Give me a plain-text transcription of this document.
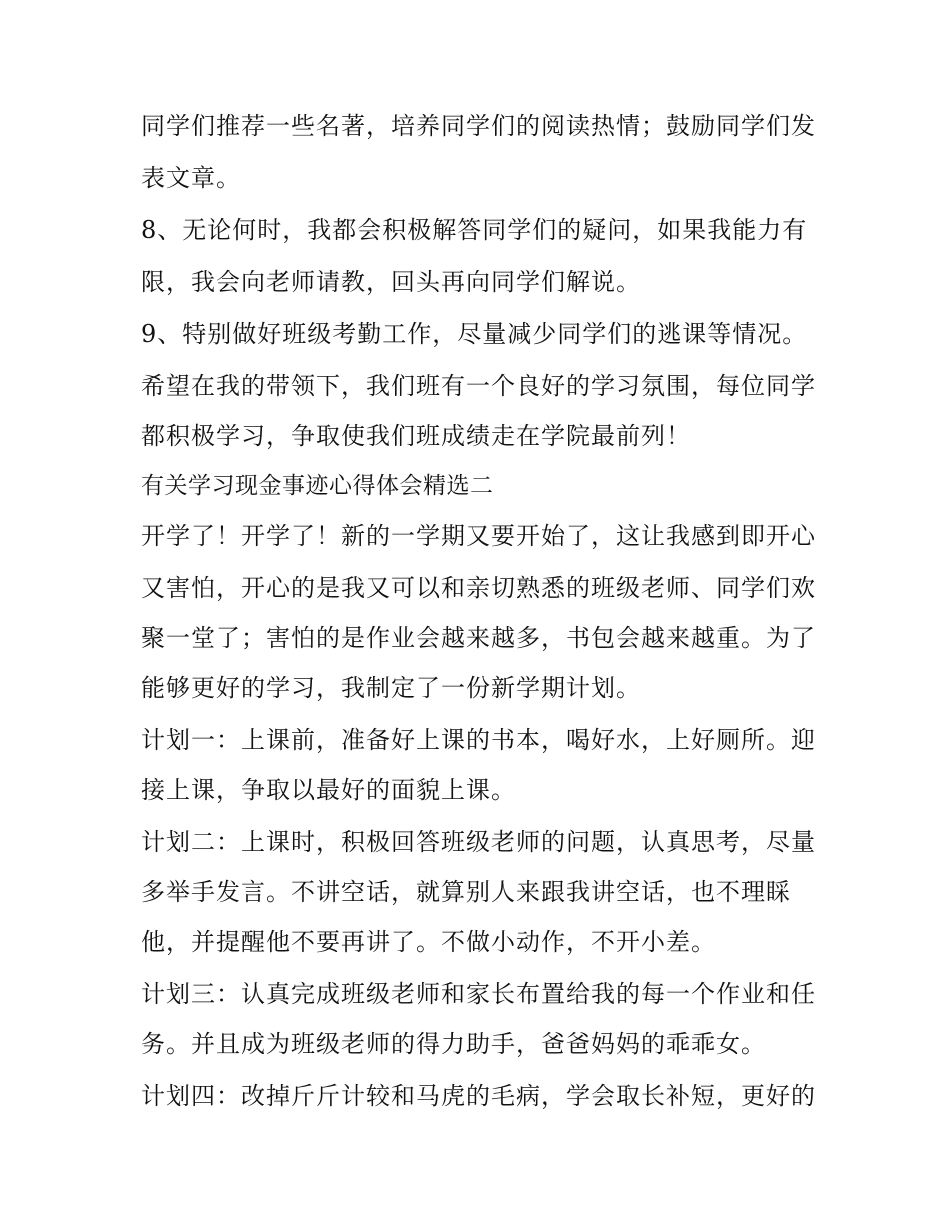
同学们推荐一些名著，培养同学们的阅读热情；鼓励同学们发
表文章。
8、无论何时，我都会积极解答同学们的疑问，如果我能力有
限，我会向老师请教，回头再向同学们解说。
9、特别做好班级考勤工作，尽量减少同学们的逃课等情况。
希望在我的带领下，我们班有一个良好的学习氛围，每位同学
都积极学习，争取使我们班成绩走在学院最前列！
有关学习现金事迹心得体会精选二
开学了！开学了！新的一学期又要开始了，这让我感到即开心
又害怕，开心的是我又可以和亲切熟悉的班级老师、同学们欢
聚一堂了；害怕的是作业会越来越多，书包会越来越重。为了
能够更好的学习，我制定了一份新学期计划。
计划一：上课前，准备好上课的书本，喝好水，上好厕所。迎
接上课，争取以最好的面貌上课。
计划二：上课时，积极回答班级老师的问题，认真思考，尽量
多举手发言。不讲空话，就算别人来跟我讲空话，也不理睬
他，并提醒他不要再讲了。不做小动作，不开小差。
计划三：认真完成班级老师和家长布置给我的每一个作业和任
务。并且成为班级老师的得力助手，爸爸妈妈的乖乖女。
计划四：改掉斤斤计较和马虎的毛病，学会取长补短，更好的
